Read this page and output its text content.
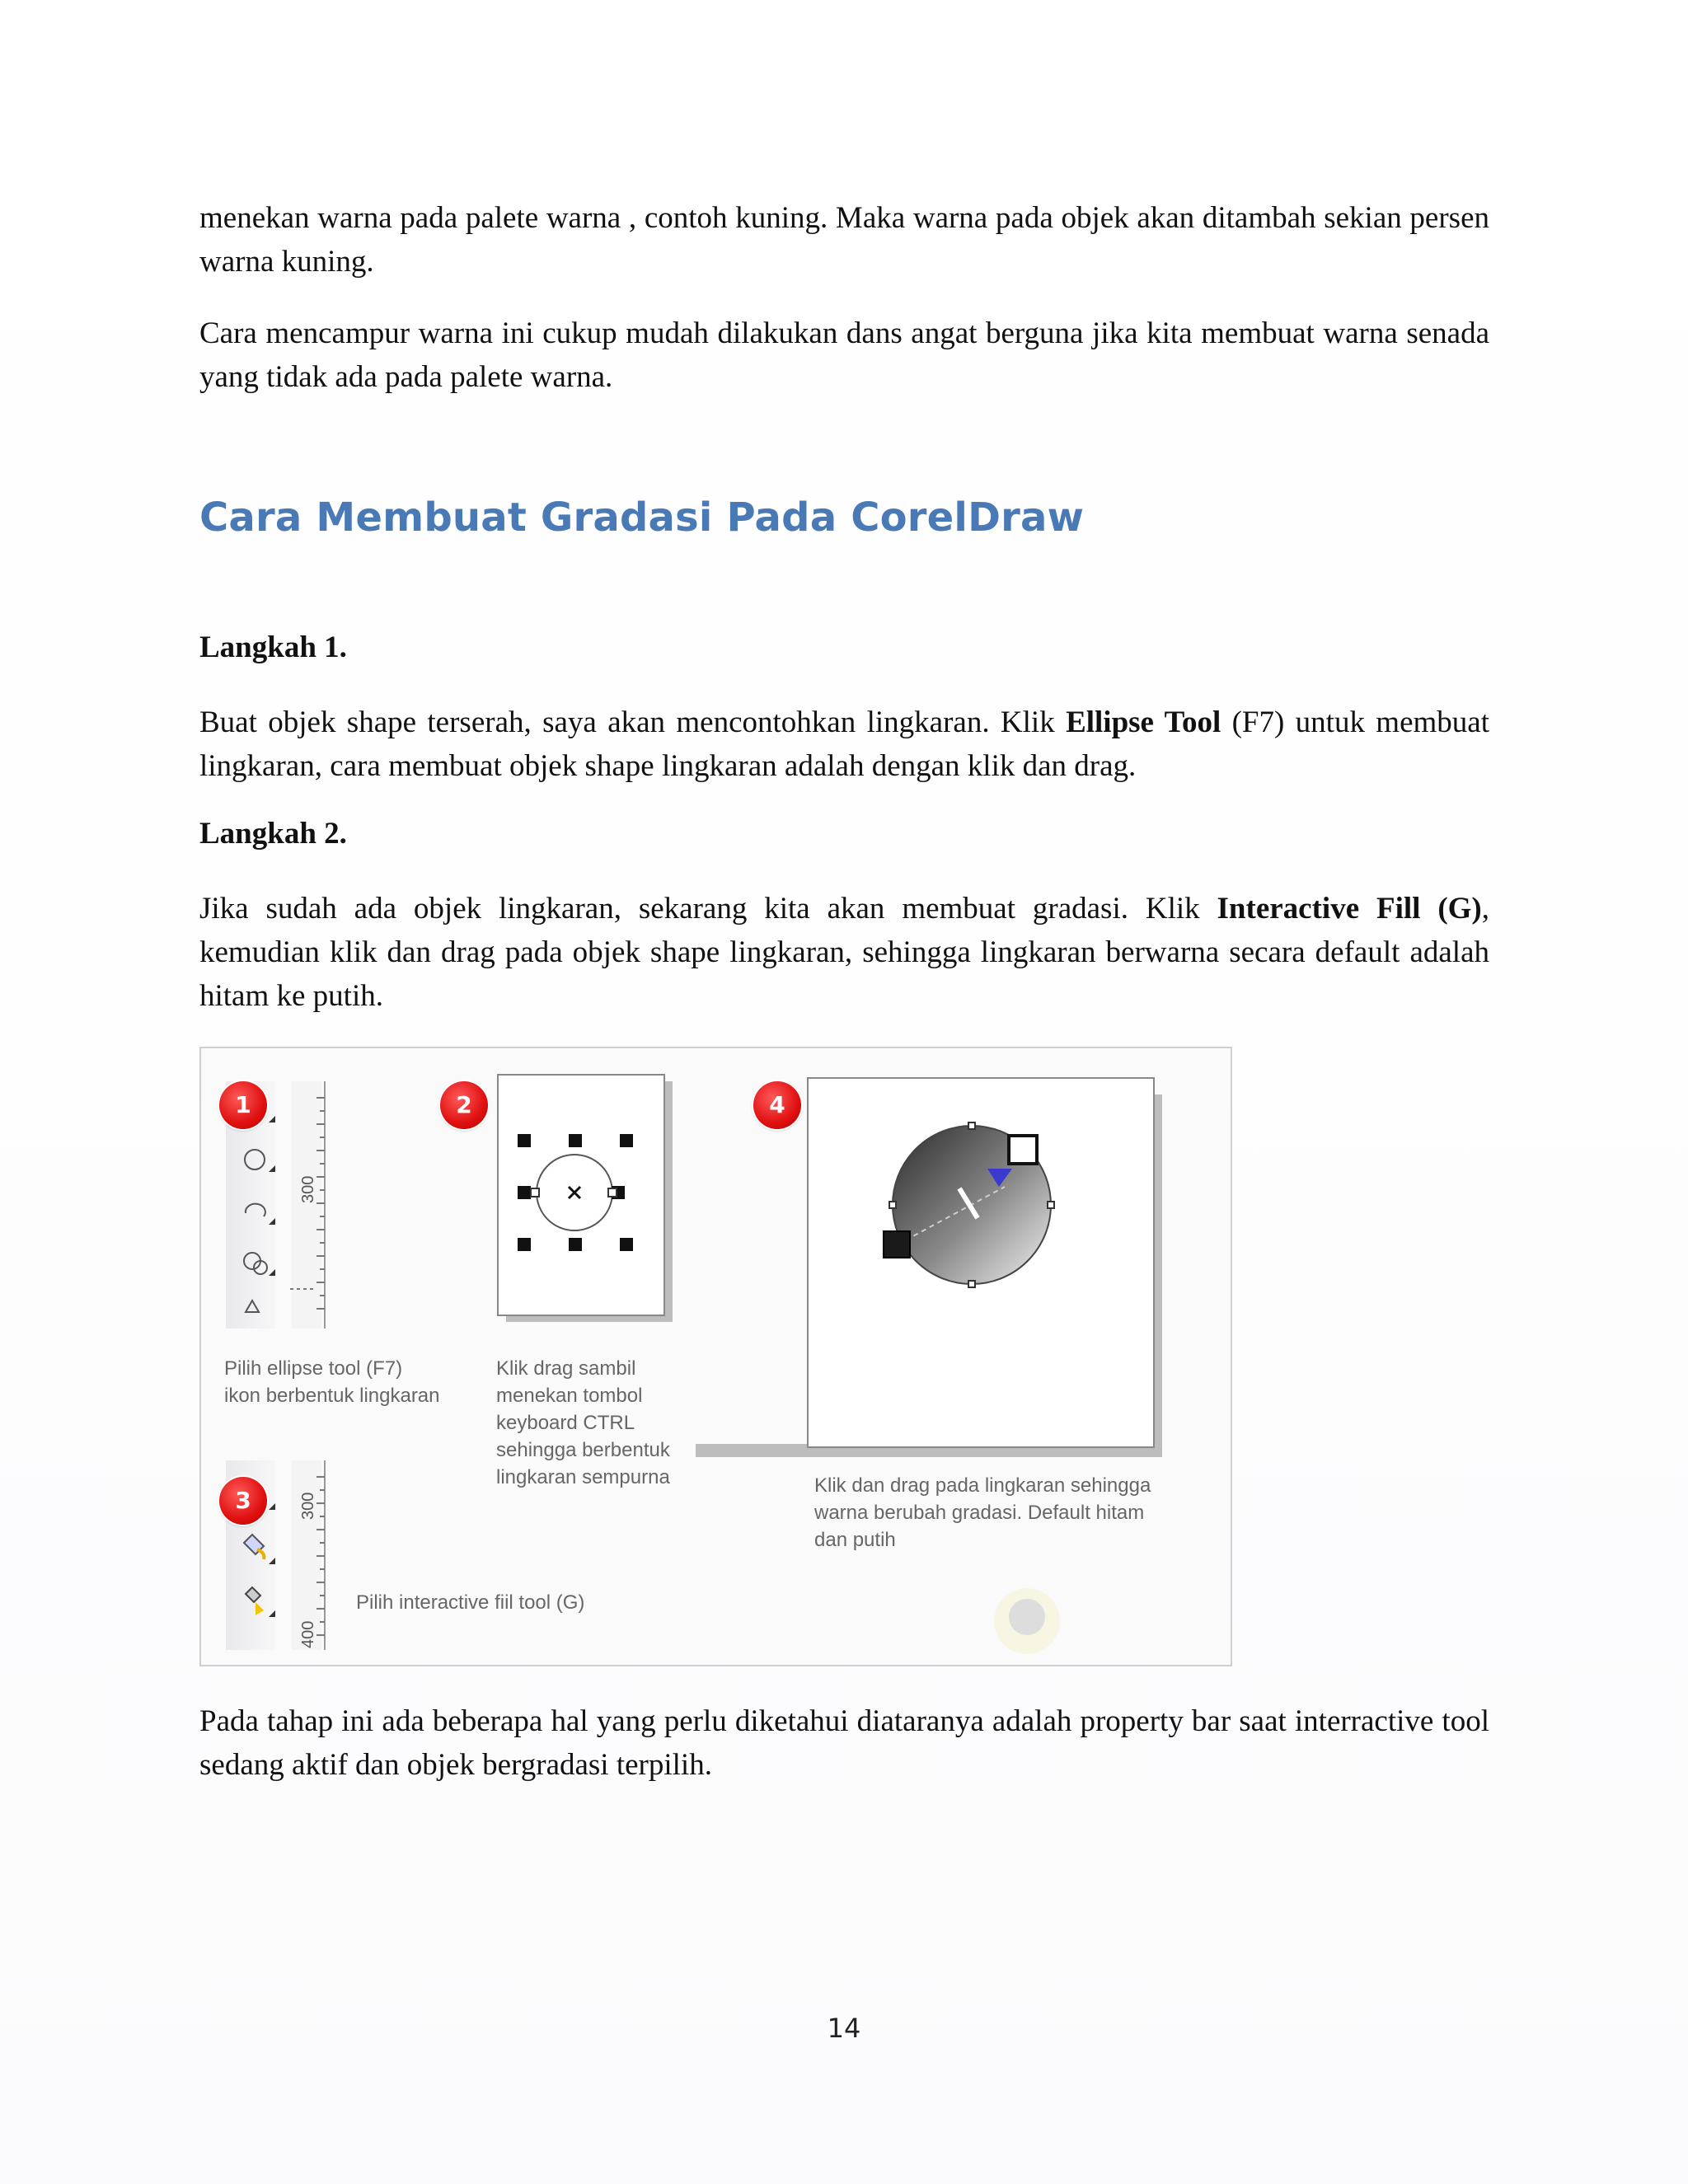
menekan warna pada palete warna , contoh kuning. Maka warna pada objek akan ditambah sekian persen warna kuning.

Cara mencampur warna ini cukup mudah dilakukan dans angat berguna jika kita membuat warna senada yang tidak ada pada palete warna.

Cara Membuat Gradasi Pada CorelDraw
Langkah 1.

Buat objek shape terserah, saya akan mencontohkan lingkaran. Klik Ellipse Tool (F7) untuk membuat lingkaran, cara membuat objek shape lingkaran adalah dengan klik dan drag.

Langkah 2.

Jika sudah ada objek lingkaran, sekarang kita akan membuat gradasi. Klik Interactive Fill (G), kemudian klik dan drag pada objek shape lingkaran, sehingga lingkaran berwarna secara default adalah hitam ke putih.

300
300
400
1	2
3
4
Pilih ellipse tool (F7)
ikon berbentuk lingkaran
Klik drag sambil
menekan tombol
keyboard CTRL
sehingga berbentuk
lingkaran sempurna
Pilih interactive fiil tool (G)
Klik dan drag pada lingkaran sehingga
warna berubah gradasi. Default hitam
dan putih

Pada tahap ini ada beberapa hal yang perlu diketahui diataranya adalah property bar saat interractive tool sedang aktif dan objek bergradasi terpilih.

14
